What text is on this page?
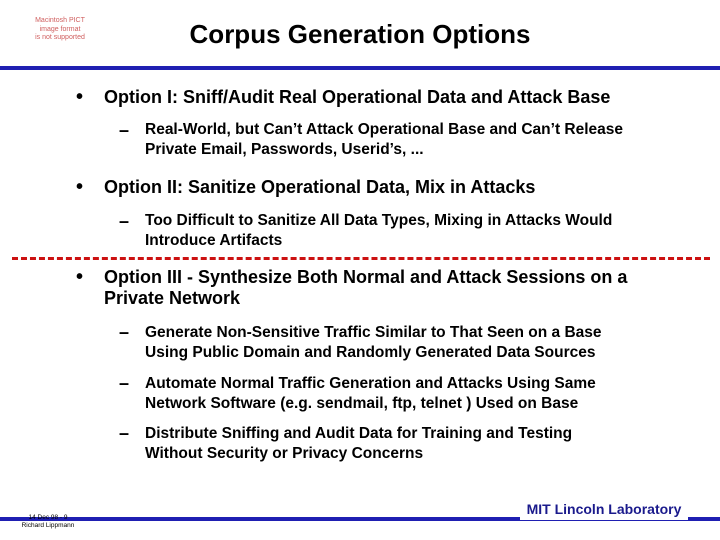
Macintosh PICT
image format
is not supported	Corpus Generation Options
• Option I: Sniff/Audit Real Operational Data and Attack Base
– Real-World, but Can’t Attack Operational Base and Can’t Release
Private Email, Passwords, Userid’s, ...
• Option II: Sanitize Operational Data, Mix in Attacks
– Too Difficult to Sanitize All Data Types, Mixing in Attacks Would
Introduce Artifacts
• Option III - Synthesize Both Normal and Attack Sessions on a
Private Network
– Generate Non-Sensitive Traffic Similar to That Seen on a Base
Using Public Domain and Randomly Generated Data Sources
– Automate Normal Traffic Generation and Attacks Using Same
Network Software (e.g. sendmail, ftp, telnet ) Used on Base
– Distribute Sniffing and Audit Data for Training and Testing
Without Security or Privacy Concerns
14 Dec 98 - 9
Richard Lippmann
MIT Lincoln Laboratory
